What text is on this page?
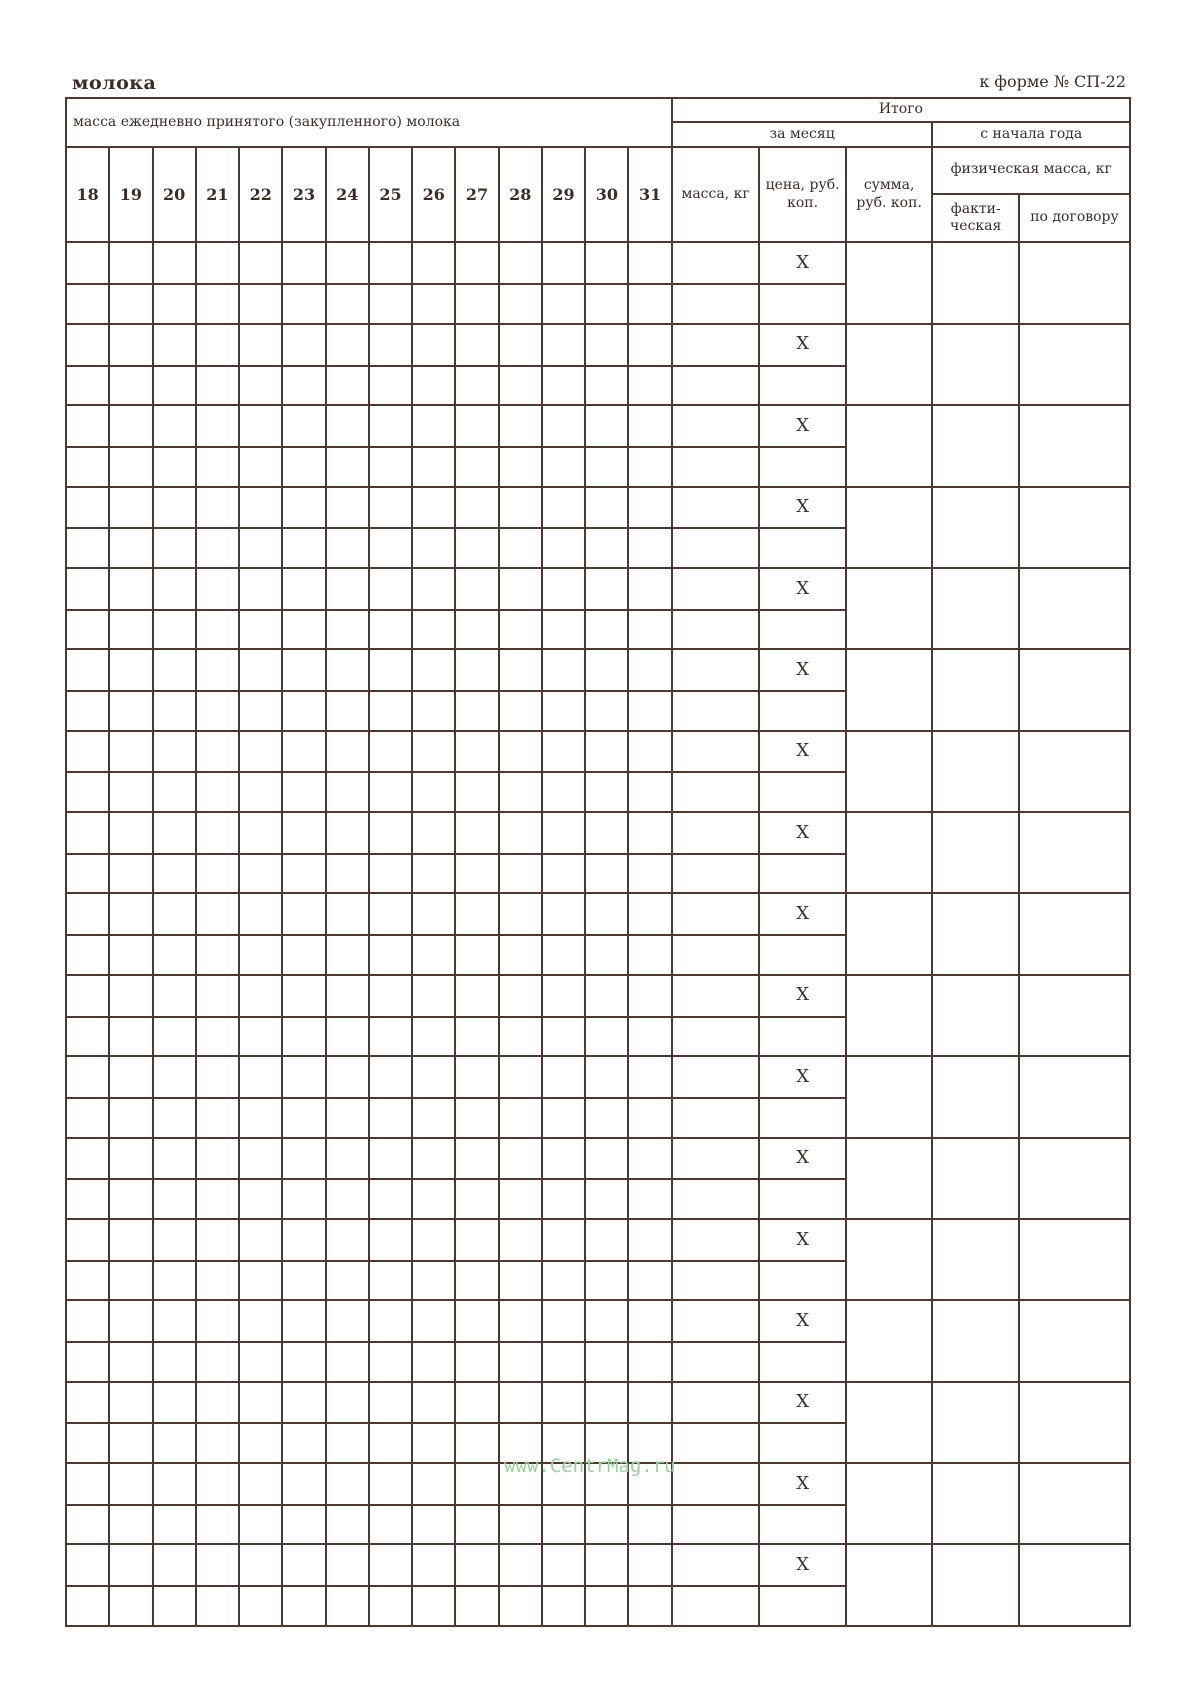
молока	к форме № СП-22
масса ежедневно принятого (закупленного) молока														Итого				
														за месяц			с начала года	
18	19	20	21	22	23	24	25	26	27	28	29	30	31	масса, кг	цена, руб. коп.	сумма, руб. коп.	физическая масса, кг	
																	факти-ческая	по договору
															X			

															X			

															X			

															X			

															X			

															X			

															X			

															X			

															X			

															X			

															X			

															X			

															X			

															X			

															X			

															X			

															X			

www.CentrMag.ru
